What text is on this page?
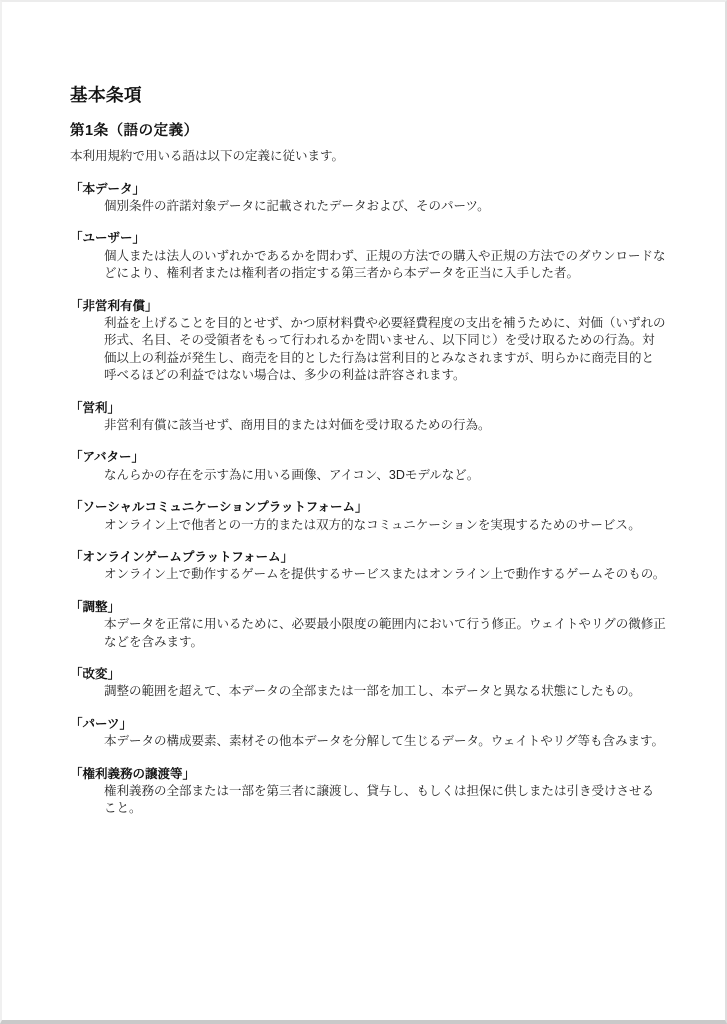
基本条項
第1条（語の定義）

本利用規約で用いる語は以下の定義に従います。

「本データ」
個別条件の許諾対象データに記載されたデータおよび、そのパーツ。
「ユーザー」
個人または法人のいずれかであるかを問わず、正規の方法での購入や正規の方法でのダウンロードなどにより、権利者または権利者の指定する第三者から本データを正当に入手した者。
「非営利有償」
利益を上げることを目的とせず、かつ原材料費や必要経費程度の支出を補うために、対価（いずれの形式、名目、その受領者をもって行われるかを問いません、以下同じ）を受け取るための行為。対価以上の利益が発生し、商売を目的とした行為は営利目的とみなされますが、明らかに商売目的と呼べるほどの利益ではない場合は、多少の利益は許容されます。
「営利」
非営利有償に該当せず、商用目的または対価を受け取るための行為。
「アバター」
なんらかの存在を示す為に用いる画像、アイコン、3Dモデルなど。
「ソーシャルコミュニケーションプラットフォーム」
オンライン上で他者との一方的または双方的なコミュニケーションを実現するためのサービス。
「オンラインゲームプラットフォーム」
オンライン上で動作するゲームを提供するサービスまたはオンライン上で動作するゲームそのもの。
「調整」
本データを正常に用いるために、必要最小限度の範囲内において行う修正。ウェイトやリグの微修正などを含みます。
「改変」
調整の範囲を超えて、本データの全部または一部を加工し、本データと異なる状態にしたもの。
「パーツ」
本データの構成要素、素材その他本データを分解して生じるデータ。ウェイトやリグ等も含みます。
「権利義務の譲渡等」
権利義務の全部または一部を第三者に譲渡し、貸与し、もしくは担保に供しまたは引き受けさせること。
